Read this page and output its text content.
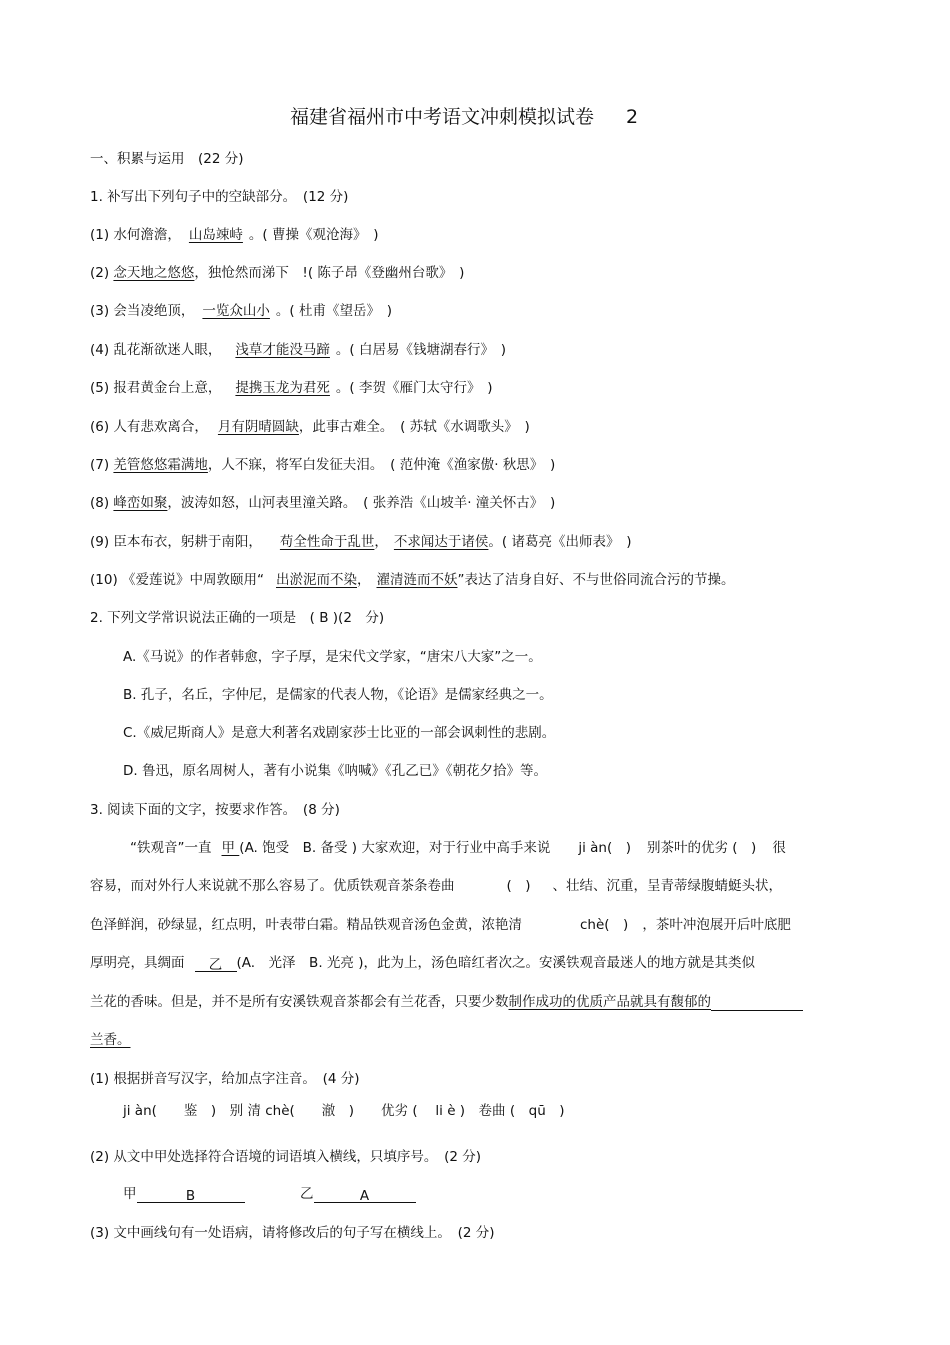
福建省福州市中考语文冲刺模拟试卷 2
一、积累与运用　(22 分)
1. 补写出下列句子中的空缺部分。　(12 分)
(1) 水何澹澹， 山岛竦峙 。( 曹操《观沧海》　)
(2) 念天地之悠悠，独怆然而涕下　!( 陈子昂《登幽州台歌》　)
(3) 会当凌绝顶， 一览众山小 。( 杜甫《望岳》　)
(4) 乱花渐欲迷人眼， 浅草才能没马蹄 。( 白居易《钱塘湖春行》　)
(5) 报君黄金台上意， 提携玉龙为君死 。( 李贺《雁门太守行》　)
(6) 人有悲欢离合， 月有阴晴圆缺，此事古难全。　( 苏轼《水调歌头》　)
(7) 羌管悠悠霜满地，人不寐，将军白发征夫泪。　( 范仲淹《渔家傲· 秋思》　)
(8) 峰峦如聚，波涛如怒，山河表里潼关路。　( 张养浩《山坡羊· 潼关怀古》　)
(9) 臣本布衣，躬耕于南阳， 苟全性命于乱世， 不求闻达于诸侯。( 诸葛亮《出师表》　)
(10) 《爱莲说》中周敦颐用“ 出淤泥而不染， 濯清涟而不妖”表达了洁身自好、不与世俗同流合污的节操。
2. 下列文学常识说法正确的一项是　( B )(2　分)
A.《马说》的作者韩愈，字子厚，是宋代文学家，“唐宋八大家”之一。
B. 孔子，名丘，字仲尼，是儒家的代表人物，《论语》是儒家经典之一。
C.《威尼斯商人》是意大利著名戏剧家莎士比亚的一部会讽刺性的悲剧。
D. 鲁迅，原名周树人，著有小说集《呐喊》《孔乙已》《朝花夕拾》等。
3. 阅读下面的文字，按要求作答。　(8 分)
“铁观音”一直 甲 (A. 饱受　B. 备受 ) 大家欢迎，对于行业中高手来说 ji àn(　) 别茶叶的优劣 (　) 很
容易，而对外行人来说就不那么容易了。优质铁观音茶条卷曲	(　) 、壮结、沉重，呈青蒂绿腹蜻蜓头状，
色泽鲜润，砂绿显，红点明，叶表带白霜。精品铁观音汤色金黄，浓艳清	chè(　) ，茶叶冲泡展开后叶底肥
厚明亮，具绸面 乙 (A.　光泽　B. 光亮 )，此为上，汤色暗红者次之。安溪铁观音最迷人的地方就是其类似
兰花的香味。但是，并不是所有安溪铁观音茶都会有兰花香，只要少数制作成功的优质产品就具有馥郁的
兰香。
(1) 根据拼音写汉字，给加点字注音。　(4 分)
ji àn(　　鉴　)　别 清 chè(　　澈　)　　优劣 (　 li è )　卷曲 (　qū　)
(2) 从文中甲处选择符合语境的词语填入横线，只填序号。　(2 分)
甲	B	乙	A
(3) 文中画线句有一处语病，请将修改后的句子写在横线上。　(2 分)
